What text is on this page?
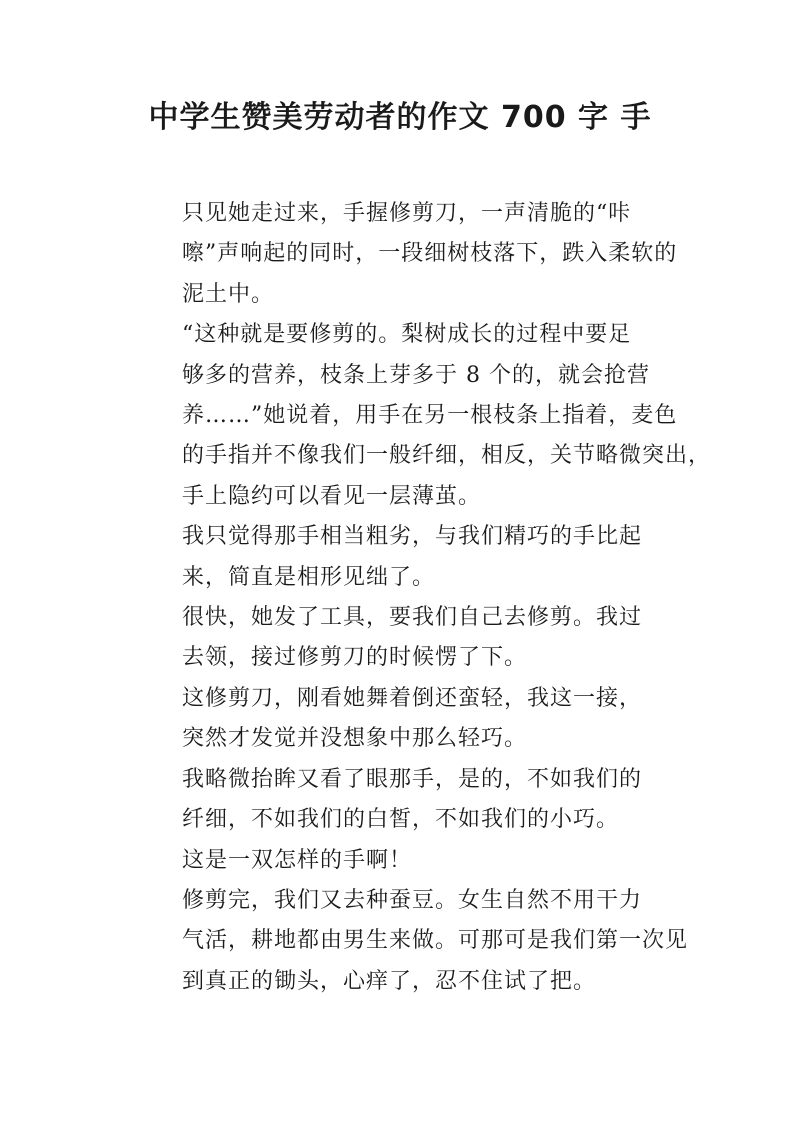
中学生赞美劳动者的作文 700 字 手

只见她走过来，手握修剪刀，一声清脆的“咔
嚓”声响起的同时，一段细树枝落下，跌入柔软的
泥土中。

“这种就是要修剪的。梨树成长的过程中要足
够多的营养，枝条上芽多于 8 个的，就会抢营
养……”她说着，用手在另一根枝条上指着，麦色
的手指并不像我们一般纤细，相反，关节略微突出，
手上隐约可以看见一层薄茧。

我只觉得那手相当粗劣，与我们精巧的手比起
来，简直是相形见绌了。

很快，她发了工具，要我们自己去修剪。我过
去领，接过修剪刀的时候愣了下。

这修剪刀，刚看她舞着倒还蛮轻，我这一接，
突然才发觉并没想象中那么轻巧。

我略微抬眸又看了眼那手，是的，不如我们的
纤细，不如我们的白皙，不如我们的小巧。

这是一双怎样的手啊！

修剪完，我们又去种蚕豆。女生自然不用干力
气活，耕地都由男生来做。可那可是我们第一次见
到真正的锄头，心痒了，忍不住试了把。
